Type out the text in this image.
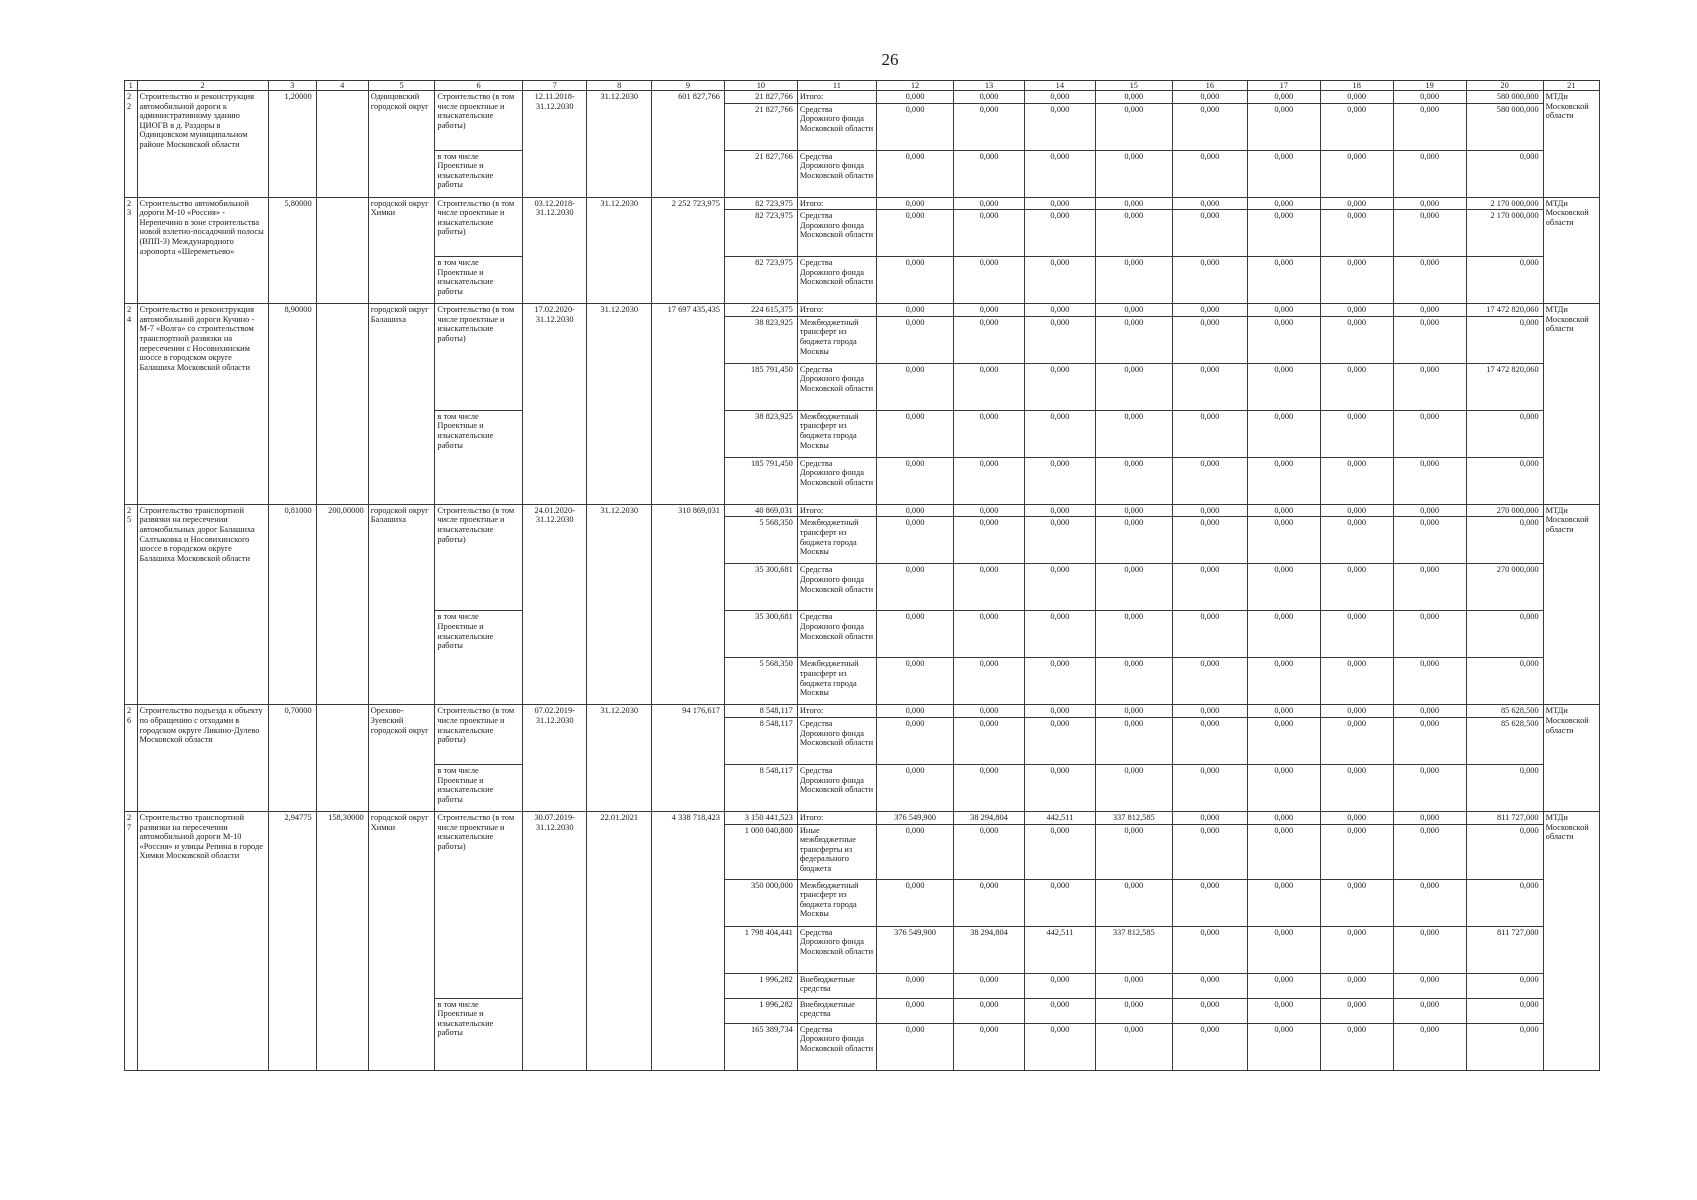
26
1	2	3	4	5	6	7	8	9	10	11	12	13	14	15	16	17	18	19	20	21
22	Строительство и реконструкция автомобильной дороги к административному зданию ЦИОГВ в д. Раздоры в Одинцовском муниципальном районе Московской области	1,20000		Одинцовский городской округ	Строительство (в том числе проектные и изыскательские работы)	12.11.2018-31.12.2030	31.12.2030	601 827,766	21 827,766	Итого:	0,000	0,000	0,000	0,000	0,000	0,000	0,000	0,000	580 000,000	МТДи Московской области
									21 827,766	Средства Дорожного фонда Московской области	0,000	0,000	0,000	0,000	0,000	0,000	0,000	0,000	580 000,000	
					в том числе Проектные и изыскательские работы				21 827,766	Средства Дорожного фонда Московской области	0,000	0,000	0,000	0,000	0,000	0,000	0,000	0,000	0,000	
23	Строительство автомобильной дороги М-10 «Россия» - Нерепечино в зоне строительства новой взлетно-посадочной полосы (ВПП-3) Международного аэропорта «Шереметьево»	5,80000		городской округ Химки	Строительство (в том числе проектные и изыскательские работы)	03.12.2018-31.12.2030	31.12.2030	2 252 723,975	82 723,975	Итого:	0,000	0,000	0,000	0,000	0,000	0,000	0,000	0,000	2 170 000,000	МТДи Московской области
									82 723,975	Средства Дорожного фонда Московской области	0,000	0,000	0,000	0,000	0,000	0,000	0,000	0,000	2 170 000,000	
					в том числе Проектные и изыскательские работы				82 723,975	Средства Дорожного фонда Московской области	0,000	0,000	0,000	0,000	0,000	0,000	0,000	0,000	0,000	
24	Строительство и реконструкция автомобильной дороги Кучино - М-7 «Волга» со строительством транспортной развязки на пересечении с Носовихинским шоссе в городском округе Балашиха Московской области	8,90000		городской округ Балашиха	Строительство (в том числе проектные и изыскательские работы)	17.02.2020-31.12.2030	31.12.2030	17 697 435,435	224 615,375	Итого:	0,000	0,000	0,000	0,000	0,000	0,000	0,000	0,000	17 472 820,060	МТДи Московской области
									38 823,925	Межбюджетный трансферт из бюджета города Москвы	0,000	0,000	0,000	0,000	0,000	0,000	0,000	0,000	0,000	
									185 791,450	Средства Дорожного фонда Московской области	0,000	0,000	0,000	0,000	0,000	0,000	0,000	0,000	17 472 820,060	
					в том числе Проектные и изыскательские работы				38 823,925	Межбюджетный трансферт из бюджета города Москвы	0,000	0,000	0,000	0,000	0,000	0,000	0,000	0,000	0,000	
									185 791,450	Средства Дорожного фонда Московской области	0,000	0,000	0,000	0,000	0,000	0,000	0,000	0,000	0,000	
25	Строительство транспортной развязки на пересечении автомобильных дорог Балашиха Салтыковка и Носовихинского шоссе в городском округе Балашиха Московской области	0,81000	200,00000	городской округ Балашиха	Строительство (в том числе проектные и изыскательские работы)	24.01.2020-31.12.2030	31.12.2030	310 869,031	40 869,031	Итого:	0,000	0,000	0,000	0,000	0,000	0,000	0,000	0,000	270 000,000	МТДи Московской области
									5 568,350	Межбюджетный трансферт из бюджета города Москвы	0,000	0,000	0,000	0,000	0,000	0,000	0,000	0,000	0,000	
									35 300,681	Средства Дорожного фонда Московской области	0,000	0,000	0,000	0,000	0,000	0,000	0,000	0,000	270 000,000	
					в том числе Проектные и изыскательские работы				35 300,681	Средства Дорожного фонда Московской области	0,000	0,000	0,000	0,000	0,000	0,000	0,000	0,000	0,000	
									5 568,350	Межбюджетный трансферт из бюджета города Москвы	0,000	0,000	0,000	0,000	0,000	0,000	0,000	0,000	0,000	
26	Строительство подъезда к объекту по обращению с отходами в городском округе Ликино-Дулево Московской области	0,70000		Орехово-Зуевский городской округ	Строительство (в том числе проектные и изыскательские работы)	07.02.2019-31.12.2030	31.12.2030	94 176,617	8 548,117	Итого:	0,000	0,000	0,000	0,000	0,000	0,000	0,000	0,000	85 628,500	МТДи Московской области
									8 548,117	Средства Дорожного фонда Московской области	0,000	0,000	0,000	0,000	0,000	0,000	0,000	0,000	85 628,500	
					в том числе Проектные и изыскательские работы				8 548,117	Средства Дорожного фонда Московской области	0,000	0,000	0,000	0,000	0,000	0,000	0,000	0,000	0,000	
27	Строительство транспортной развязки на пересечении автомобильной дороги М-10 «Россия» и улицы Репина в городе Химки Московской области	2,94775	158,30000	городской округ Химки	Строительство (в том числе проектные и изыскательские работы)	30.07.2019-31.12.2030	22.01.2021	4 338 718,423	3 150 441,523	Итого:	376 549,900	38 294,804	442,511	337 812,585	0,000	0,000	0,000	0,000	811 727,000	МТДи Московской области
									1 000 040,800	Иные межбюджетные трансферты из федерального бюджета	0,000	0,000	0,000	0,000	0,000	0,000	0,000	0,000	0,000	
									350 000,000	Межбюджетный трансферт из бюджета города Москвы	0,000	0,000	0,000	0,000	0,000	0,000	0,000	0,000	0,000	
									1 798 404,441	Средства Дорожного фонда Московской области	376 549,900	38 294,804	442,511	337 812,585	0,000	0,000	0,000	0,000	811 727,000	
									1 996,282	Внебюджетные средства	0,000	0,000	0,000	0,000	0,000	0,000	0,000	0,000	0,000	
					в том числе Проектные и изыскательские работы				1 996,282	Внебюджетные средства	0,000	0,000	0,000	0,000	0,000	0,000	0,000	0,000	0,000	
									165 389,734	Средства Дорожного фонда Московской области	0,000	0,000	0,000	0,000	0,000	0,000	0,000	0,000	0,000	
